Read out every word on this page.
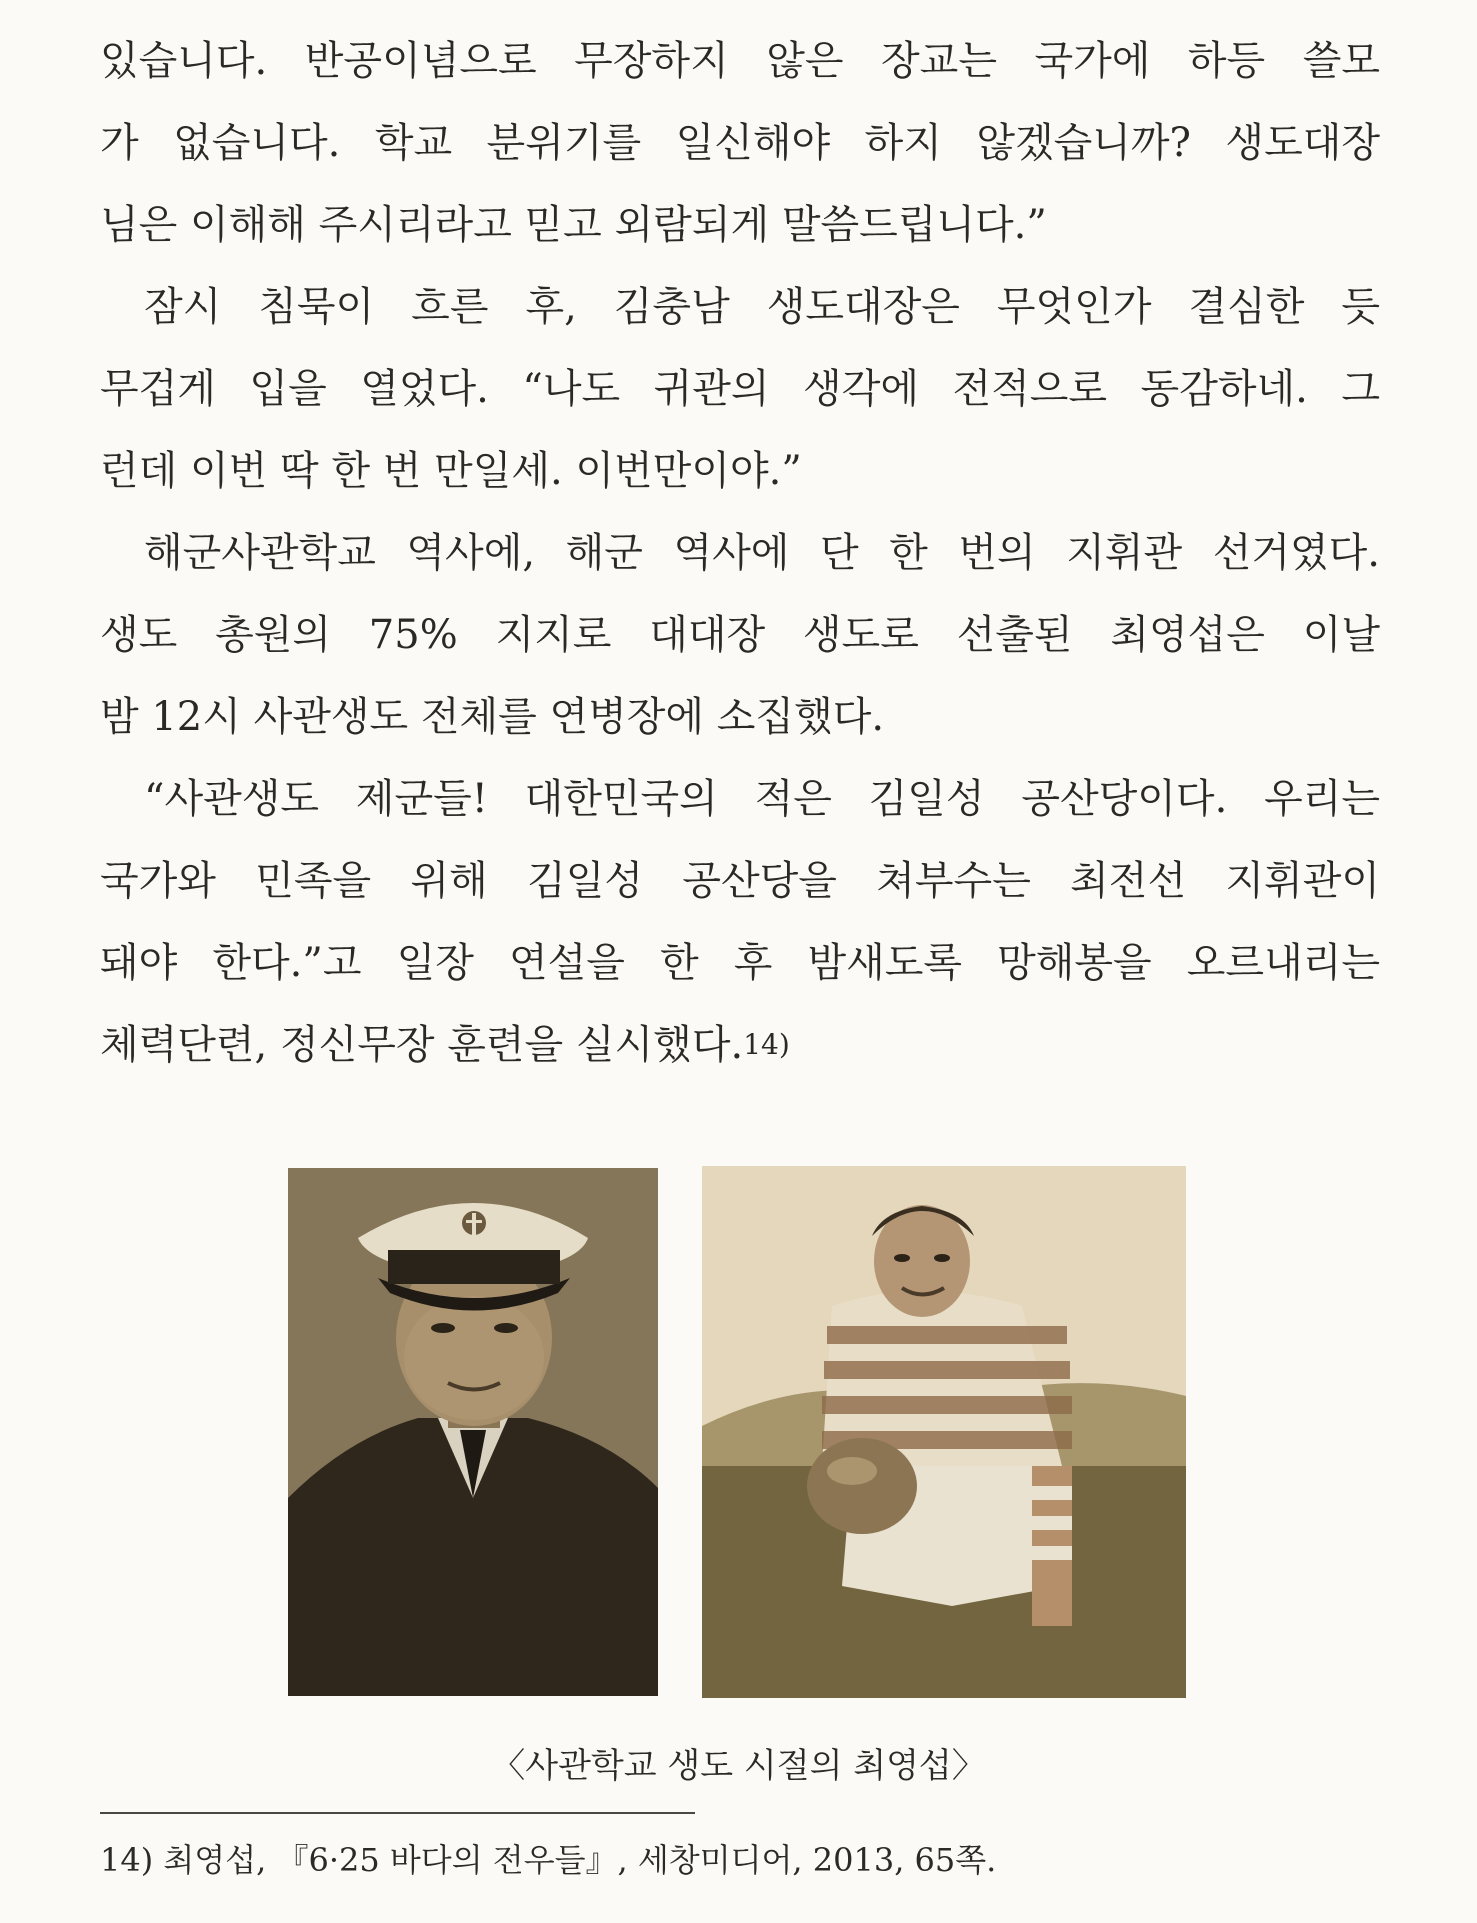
있습니다. 반공이념으로 무장하지 않은 장교는 국가에 하등 쓸모
가 없습니다. 학교 분위기를 일신해야 하지 않겠습니까? 생도대장
님은 이해해 주시리라고 믿고 외람되게 말씀드립니다.”
잠시 침묵이 흐른 후, 김충남 생도대장은 무엇인가 결심한 듯
무겁게 입을 열었다. “나도 귀관의 생각에 전적으로 동감하네. 그
런데 이번 딱 한 번 만일세. 이번만이야.”
해군사관학교 역사에, 해군 역사에 단 한 번의 지휘관 선거였다.
생도 총원의 75% 지지로 대대장 생도로 선출된 최영섭은 이날
밤 12시 사관생도 전체를 연병장에 소집했다.
“사관생도 제군들! 대한민국의 적은 김일성 공산당이다. 우리는
국가와 민족을 위해 김일성 공산당을 쳐부수는 최전선 지휘관이
돼야 한다.”고 일장 연설을 한 후 밤새도록 망해봉을 오르내리는
체력단련, 정신무장 훈련을 실시했다.14)
〈사관학교 생도 시절의 최영섭〉
14) 최영섭, 『6·25 바다의 전우들』, 세창미디어, 2013, 65쪽.
